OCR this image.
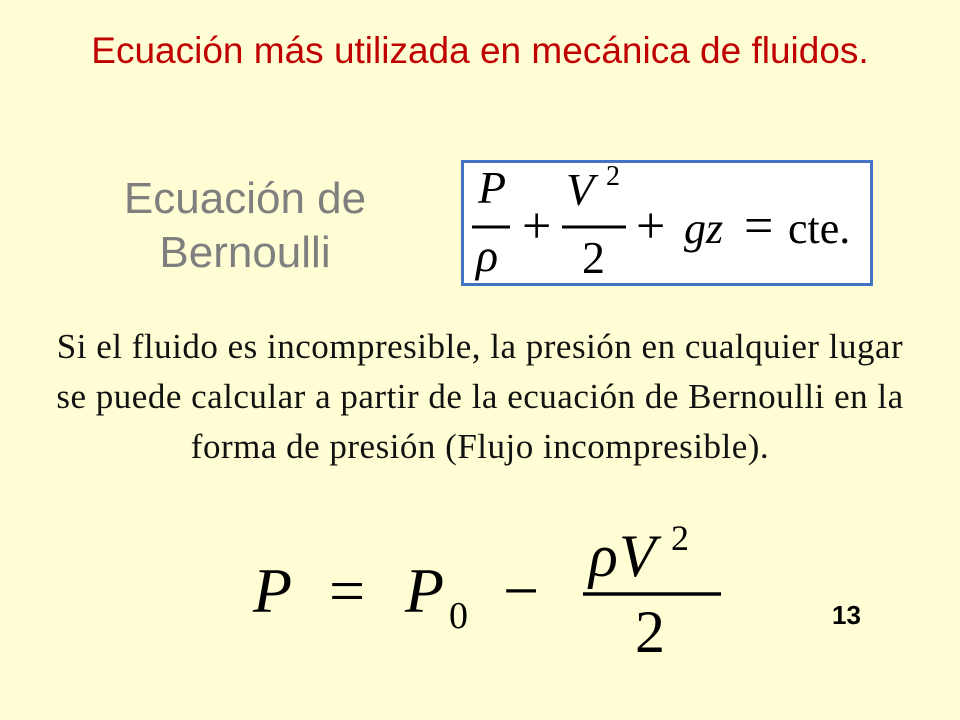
Ecuación más utilizada en mecánica de fluidos.
Ecuación de Bernoulli
P
ρ
+
V 2
2
+ gz = cte.
Si el fluido es incompresible, la presión en cualquier lugar se puede calcular a partir de la ecuación de Bernoulli en la forma de presión (Flujo incompresible).
P = P 0 − ρ V 2
2	13
